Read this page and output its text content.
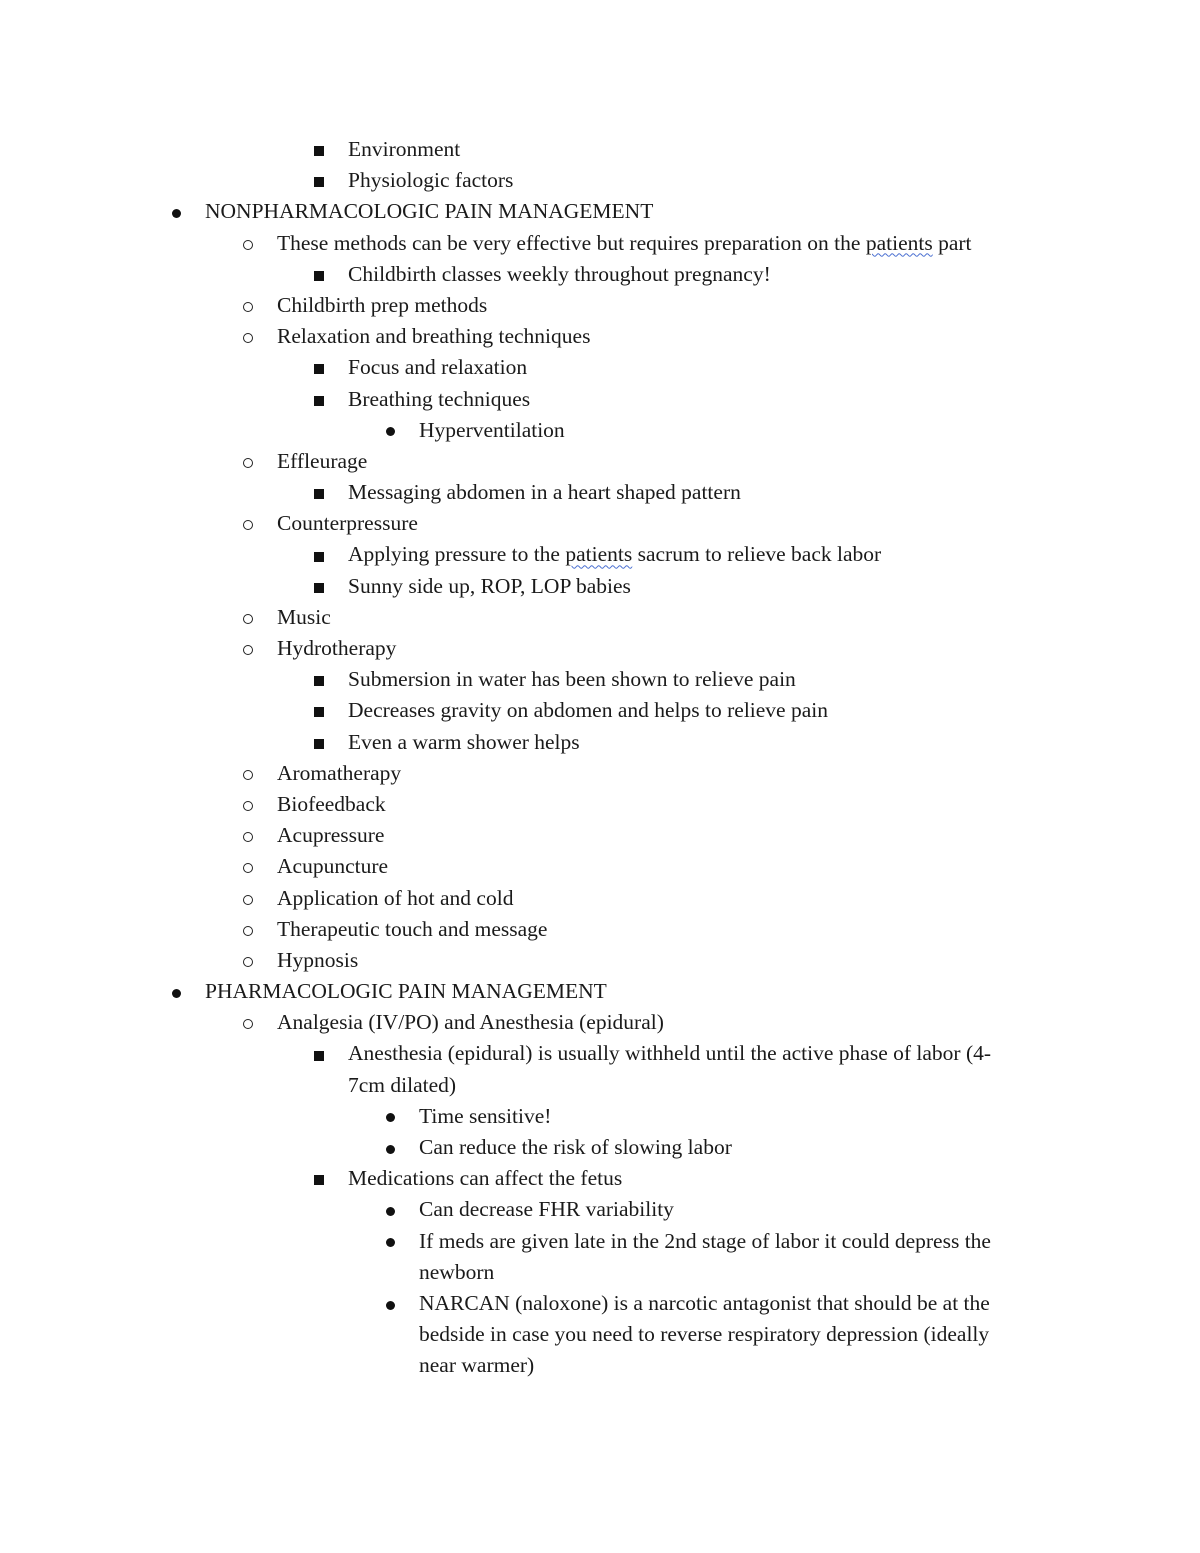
Environment
Physiologic factors
NONPHARMACOLOGIC PAIN MANAGEMENT
These methods can be very effective but requires preparation on the patients part
Childbirth classes weekly throughout pregnancy!
Childbirth prep methods
Relaxation and breathing techniques
Focus and relaxation
Breathing techniques
Hyperventilation
Effleurage
Messaging abdomen in a heart shaped pattern
Counterpressure
Applying pressure to the patients sacrum to relieve back labor
Sunny side up, ROP, LOP babies
Music
Hydrotherapy
Submersion in water has been shown to relieve pain
Decreases gravity on abdomen and helps to relieve pain
Even a warm shower helps
Aromatherapy
Biofeedback
Acupressure
Acupuncture
Application of hot and cold
Therapeutic touch and message
Hypnosis
PHARMACOLOGIC PAIN MANAGEMENT
Analgesia (IV/PO) and Anesthesia (epidural)
Anesthesia (epidural) is usually withheld until the active phase of labor (4-
7cm dilated)
Time sensitive!
Can reduce the risk of slowing labor
Medications can affect the fetus
Can decrease FHR variability
If meds are given late in the 2nd stage of labor it could depress the
newborn
NARCAN (naloxone) is a narcotic antagonist that should be at the
bedside in case you need to reverse respiratory depression (ideally
near warmer)
